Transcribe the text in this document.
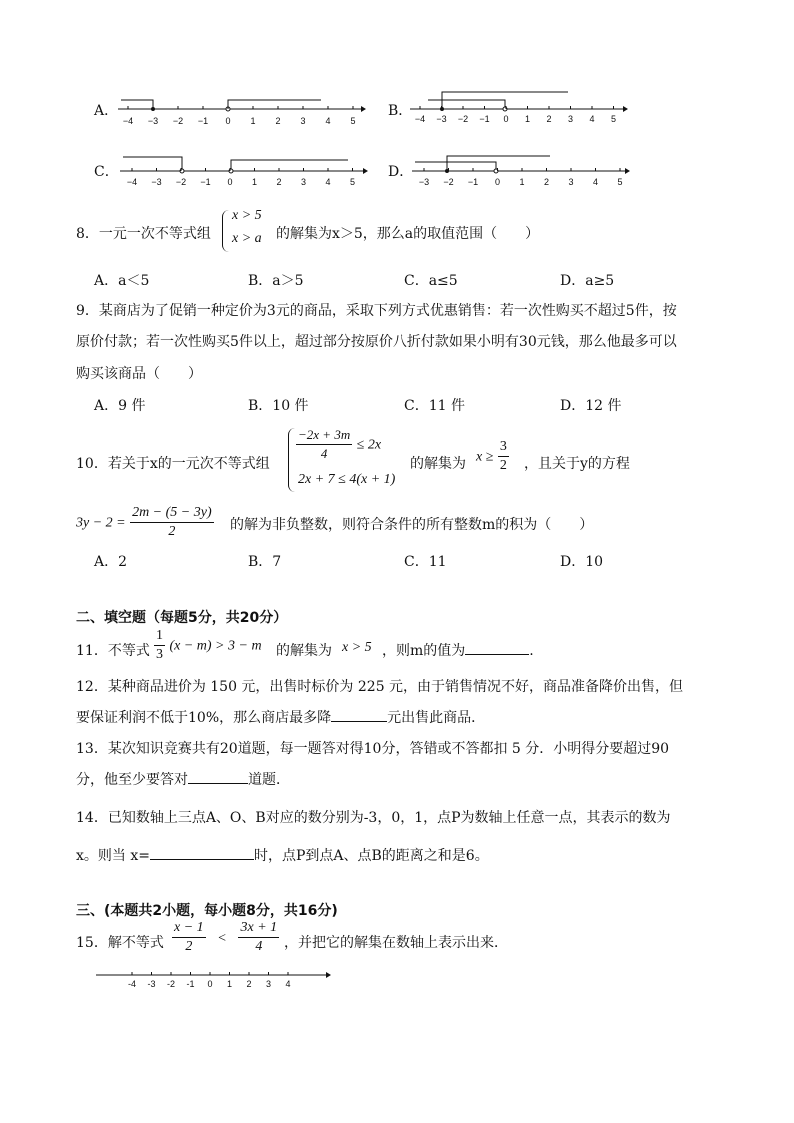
A．
−4 −3 −2 −1 0 1 2 3 4 5
B． −4 −3 −2 −1 0 1 2 3 4 5
C．
−4 −3 −2 −1 0 1 2 3 4 5
D．
−3 −2 −1 0 1 2 3 4 5
8．一元一次不等式组
x > 5
x > a 的解集为x＞5，那么a的取值范围（　　）
A．a＜5	B．a＞5	C．a≤5	D．a≥5
9．某商店为了促销一种定价为3元的商品，采取下列方式优惠销售：若一次性购买不超过5件，按
原价付款；若一次性购买5件以上，超过部分按原价八折付款如果小明有30元钱，那么他最多可以
购买该商品（　　）
A．9 件	B．10 件	C．11 件	D．12 件
10．若关于x的一元次不等式组
$\frac{-2x + 3m}{4} \le 2x$
2x + 7 ≤ 4(x + 1)
的解集为 $x \ge \frac{3}{2}$ ，且关于y的方程
$3y - 2 = \frac{2m - (5 - 3y)}{2}$ 的解为非负整数，则符合条件的所有整数m的积为（　　）
A．2	B．7	C．11	D．10
二、填空题（每题5分，共20分）
11．不等式 $\frac{1}{3} (x - m) > 3 - m$ 的解集为 x > 5 ，则m的值为	.
12．某种商品进价为 150 元，出售时标价为 225 元，由于销售情况不好，商品准备降价出售，但
要保证利润不低于10%，那么商店最多降	元出售此商品．
13．某次知识竞赛共有20道题，每一题答对得10分，答错或不答都扣 5 分．小明得分要超过90
分，他至少要答对	道题．
14．已知数轴上三点A、O、B对应的数分别为-3，0，1，点P为数轴上任意一点，其表示的数为
x。则当 x=	时，点P到点A、点B的距离之和是6。
三、(本题共2小题，每小题8分，共16分)
15．解不等式 $\frac{x - 1}{2} < \frac{3x + 1}{4}$ ，并把它的解集在数轴上表示出来．
-4 -3 -2 -1 0 1 2 3 4
